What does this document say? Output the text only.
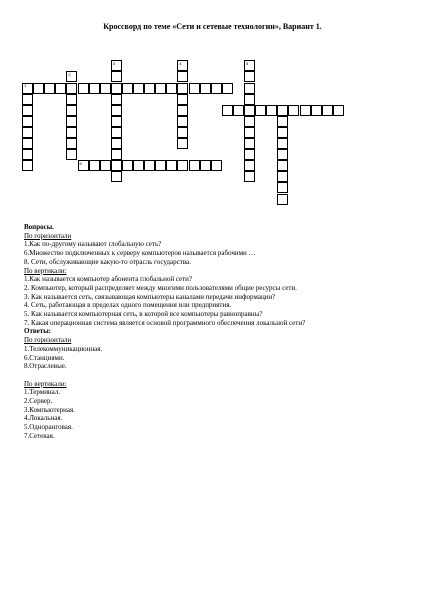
Кроссворд по теме «Сети и сетевые технологии», Вариант 1.
1
2
3	4	5
6
Вопросы.
По горизонтали
1.Как по-другому называют глобальную сеть?
6.Множество подключенных к серверу компьютеров называется рабочими …
8. Сети, обслуживающие какую-то отрасль государства.
По вертикали:
1.Как называется компьютер абонента глобальной сети?
2. Компьютер, который распределяет между многими пользователями общие ресурсы сети.
3. Как называется сеть, связывающая компьютеры каналами передачи информации?
4. Сеть, работающая в пределах одного помещения или предприятия.
5. Как называется компьютерная сеть, в которой все компьютеры равноправны?
7. Какая операционная система является основой программного обеспечения локальной сети?
Ответы:
По горизонтали
1.Телекоммуникационная.
6.Станциями.
8.Отраслевые.
По вертикали:
1.Терминал.
2.Сервер.
3.Компьютерная.
4.Локальная.
5.Одноранговая.
7.Сетевая.
